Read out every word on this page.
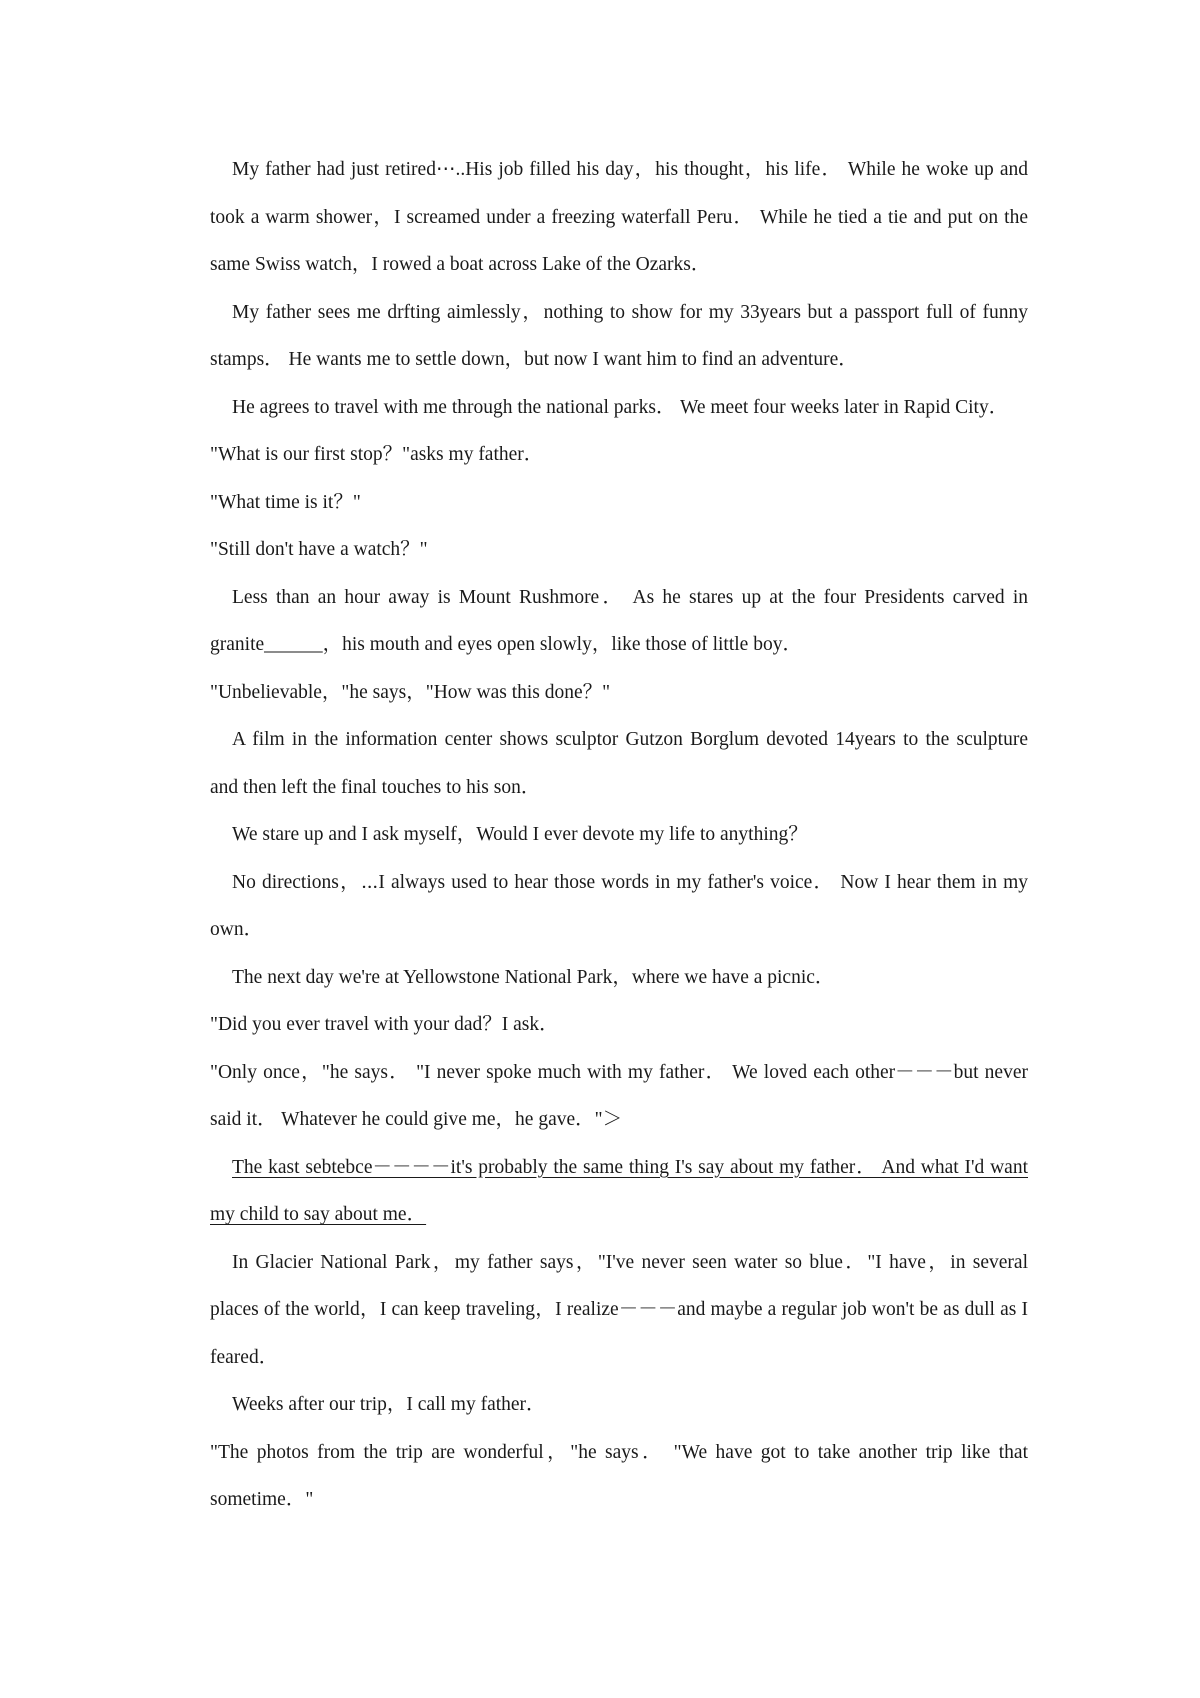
My father had just retired⋯..His job filled his day，his thought，his life． While he woke up and took a warm shower，I screamed under a freezing waterfall Peru． While he tied a tie and put on the same Swiss watch，I rowed a boat across Lake of the Ozarks．

My father sees me drfting aimlessly，nothing to show for my 33years but a passport full of funny stamps． He wants me to settle down，but now I want him to find an adventure．

He agrees to travel with me through the national parks． We meet four weeks later in Rapid City．

"What is our first stop？"asks my father．

"What time is it？"

"Still don't have a watch？"

Less than an hour away is Mount Rushmore． As he stares up at the four Presidents carved in granite______，his mouth and eyes open slowly，like those of little boy．

"Unbelievable，"he says，"How was this done？"

A film in the information center shows sculptor Gutzon Borglum devoted 14years to the sculpture and then left the final touches to his son．

We stare up and I ask myself，Would I ever devote my life to anything？

No directions，⋯I always used to hear those words in my father's voice． Now I hear them in my own．

The next day we're at Yellowstone National Park，where we have a picnic．

"Did you ever travel with your dad？I ask．

"Only once，"he says． "I never spoke much with my father． We loved each other－－－but never said it． Whatever he could give me，he gave．"＞

The kast sebtebce－－－－it's probably the same thing I's say about my father． And what I'd want my child to say about me．

In Glacier National Park，my father says，"I've never seen water so blue．"I have，in several places of the world，I can keep traveling，I realize－－－and maybe a regular job won't be as dull as I feared．

Weeks after our trip，I call my father．

"The photos from the trip are wonderful，"he says． "We have got to take another trip like that sometime．"
